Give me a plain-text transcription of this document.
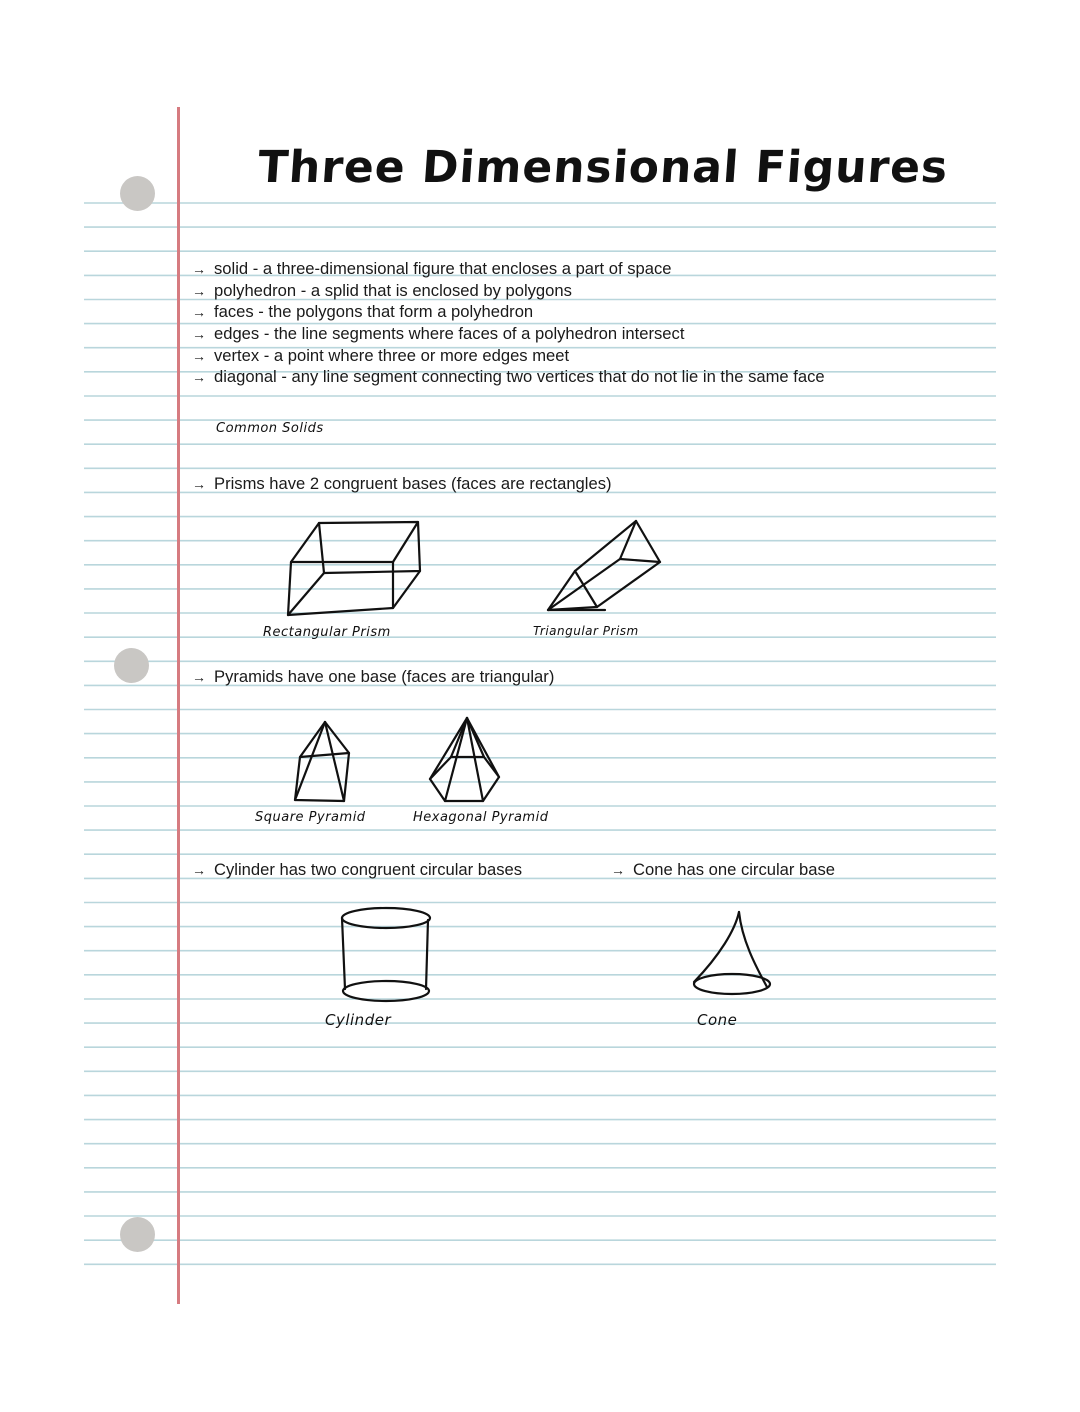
Three Dimensional Figures
→ solid - a three-dimensional figure that encloses a part of space
→ polyhedron - a splid that is enclosed by polygons
→ faces - the polygons that form a polyhedron
→ edges - the line segments where faces of a polyhedron intersect
→ vertex - a point where three or more edges meet
→ diagonal - any line segment connecting two vertices that do not lie in the same face
Common Solids
→ Prisms have 2 congruent bases (faces are rectangles)
→ Pyramids have one base (faces are triangular)
→ Cylinder has two congruent circular bases	→ Cone has one circular base
Rectangular Prism	Triangular Prism
Square Pyramid	Hexagonal Pyramid
Cylinder	Cone
